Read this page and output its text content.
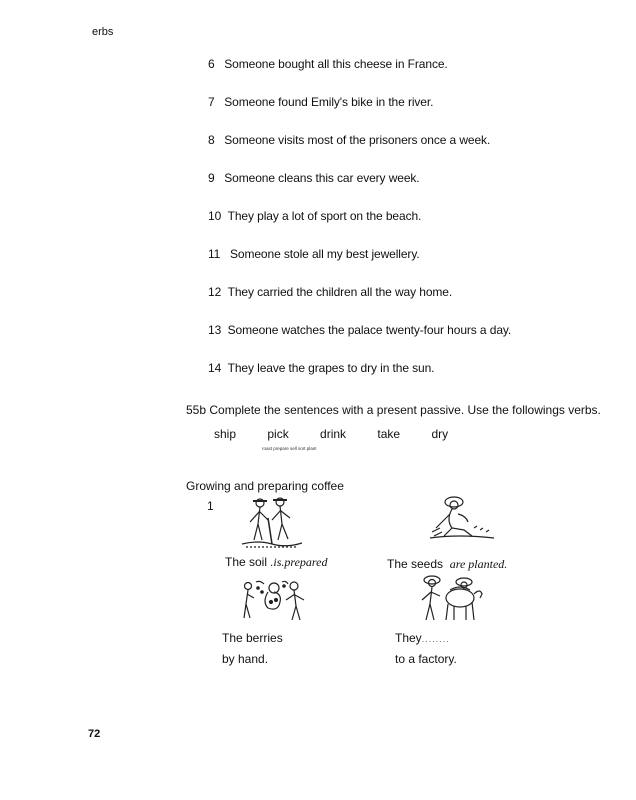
erbs
6 Someone bought all this cheese in France.
7 Someone found Emily's bike in the river.
8 Someone visits most of the prisoners once a week.
9 Someone cleans this car every week.
10 They play a lot of sport on the beach.
11 Someone stole all my best jewellery.
12 They carried the children all the way home.
13 Someone watches the palace twenty-four hours a day.
14 They leave the grapes to dry in the sun.
55b Complete the sentences with a present passive. Use the followings verbs.
ship	pick	drink	take	dry
roast prepare sell sort plant
Growing and preparing coffee
1
The soil .is.prepared	The seeds are planted.
The berries
by hand.
They........
to a factory.
72
